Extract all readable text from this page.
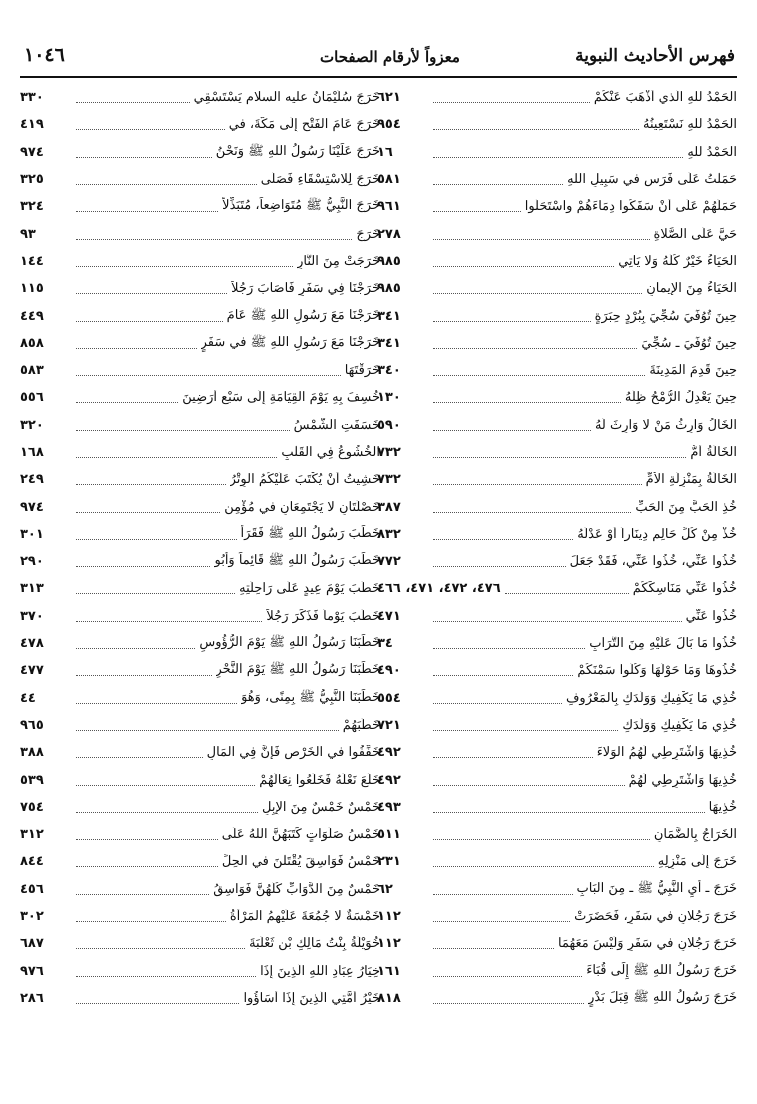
فهرس الأحاديث النبوية
معزواً لأرقام الصفحات
١٠٤٦
الحَمْدُ للهِ الَّذي أَذْهَبَ عَنْكُمْ
٦٢١
الحَمْدُ للهِ نَسْتَعِينُهُ
٩٥٤
الحَمْدُ للهِ
١٦
حَمَلْتُ عَلَى فَرَسٍ في سَبِيلِ اللهِ
٥٨١
حَمَلَهُمْ عَلَى أَنْ سَفَكُوا دِمَاءَهُمْ واسْتَحَلُّوا
٩٦١
حَيَّ عَلَى الصَّلاةِ
٢٧٨
الحَيَاءُ خَيْرٌ كُلُّهُ وَلا يَأْتِي
٩٨٥
الحَيَاءُ مِنَ الإيمانِ
٩٨٥
حِينَ تُوُفِّيَ سُجِّيَ بِبُرْدٍ حِبَرَةٍ
٣٤١
حِينَ تُوُفِّيَ ـ سُجِّيَ
٣٤١
حِينَ قَدِمَ المَدِينَةَ
٣٤٠
حِينَ يَعْدِلُ الرُّمْحُ ظِلَّهُ
١٣٠
الخَالُ وَارِثُ مَنْ لا وَارِثَ لَهُ
٥٩٠
الخَالَةُ أُمٌّ
٧٣٢
الخَالَةُ بِمَنْزِلَةِ الأُمِّ
٧٣٢
خُذِ الحَبَّ مِنَ الحَبِّ
٣٨٧
خُذْ مِنْ كُلِّ حَالِمٍ دِينَاراً أَوْ عَدْلَهُ
٨٣٢
خُذُوا عَنِّي، خُذُوا عَنِّي، فَقَدْ جَعَلَ
٧٧٢
خُذُوا عَنِّي مَنَاسِكَكُمْ
٤٧٦، ٤٧٢، ٤٧١، ٤٦٦
خُذُوا عَنِّي
٤٧١
خُذُوا مَا بَالَ عَلَيْهِ مِنَ التُّرَابِ
٣٤
خُذُوهَا وَمَا حَوْلَهَا وَكُلُوا سَمْنَكُمْ
٤٩٠
خُذِي مَا يَكْفِيكِ وَوَلَدَكِ بِالمَعْرُوفِ
٥٥٤
خُذِي مَا يَكْفِيكِ وَوَلَدَكِ
٧٢١
خُذِيهَا وَاشْتَرِطِي لَهُمُ الوَلاءَ
٤٩٢
خُذِيهَا وَاشْتَرِطِي لَهُمْ
٤٩٢
خُذِيهَا
٤٩٣
الخَرَاجُ بِالضَّمَانِ
٥١١
خَرَجَ إِلَى مَنْزِلِهِ
٢٣١
خَرَجَ ـ أَيِ النَّبِيُّ ﷺ ـ مِنَ البَابِ
٦٢
خَرَجَ رَجُلانِ في سَفَرٍ، فَحَضَرَتْ
١١٢
خَرَجَ رَجُلانِ في سَفَرٍ وَلَيْسَ مَعَهُمَا
١١٢
خَرَجَ رَسُولُ اللهِ ﷺ إِلَى قُبَاءَ
١٦١
خَرَجَ رَسُولُ اللهِ ﷺ قِبَلَ بَدْرٍ
٨١٨
خَرَجَ سُلَيْمَانُ عليه السلام يَسْتَسْقِي
٣٣٠
خَرَجَ عَامَ الفَتْحِ إِلَى مَكَّةَ، في
٤١٩
خَرَجَ عَلَيْنَا رَسُولُ اللهِ ﷺ وَنَحْنُ
٩٧٤
خَرَجَ لِلاسْتِسْقَاءِ فَصَلَّى
٣٢٥
خَرَجَ النَّبِيُّ ﷺ مُتَوَاضِعاً، مُتَبَذِّلاً
٣٢٤
خَرَجَ
٩٣
خَرَجَتْ مِنَ النَّارِ
١٤٤
خَرَجْنَا فِي سَفَرٍ فَأَصَابَ رَجُلاً
١١٥
خَرَجْنَا مَعَ رَسُولِ اللهِ ﷺ عَامَ
٤٤٩
خَرَجْنَا مَعَ رَسُولِ اللهِ ﷺ في سَفَرٍ
٨٥٨
خَرَقْتَهَا
٥٨٣
خُسِفَ بِهِ يَوْمَ القِيَامَةِ إِلَى سَبْعِ أَرَضِينَ
٥٥٦
خَسَفَتِ الشَّمْسُ
٣٢٠
الخُشُوعُ فِي القَلْبِ
١٦٨
خَشِيتُ أَنْ يُكْتَبَ عَلَيْكُمُ الوِتْرُ
٢٤٩
خَصْلَتَانِ لا يَجْتَمِعَانِ في مُؤْمِنٍ
٩٧٤
خَطَبَ رَسُولُ اللهِ ﷺ فَقَرَأَ
٣٠١
خَطَبَ رَسُولُ اللهِ ﷺ قَائِماً وَأَبُو
٢٩٠
خَطَبَ يَوْمَ عِيدٍ عَلَى رَاحِلَتِهِ
٣١٣
خَطَبَ يَوْماً فَذَكَرَ رَجُلاً
٣٧٠
خَطَبَنَا رَسُولُ اللهِ ﷺ يَوْمَ الرُّؤُوسِ
٤٧٨
خَطَبَنَا رَسُولُ اللهِ ﷺ يَوْمَ النَّحْرِ
٤٧٧
خَطَبَنَا النَّبِيُّ ﷺ بِمِنًى، وَهُوَ
٤٤
خَطَبَهُمْ
٩٦٥
خَفِّفُوا في الخَرْصِ فَإِنَّ فِي المَالِ
٣٨٨
خَلَعَ نَعْلَهُ فَخَلَعُوا نِعَالَهُمْ
٥٣٩
خَمْسٌ خَمْسٌ مِنَ الإِبِلِ
٧٥٤
خَمْسُ صَلَوَاتٍ كَتَبَهُنَّ اللهُ عَلَى
٣١٢
خَمْسُ فَوَاسِقَ يُقْتَلْنَ في الحِلِّ
٨٤٤
خَمْسٌ مِنَ الدَّوَابِّ كُلُّهُنَّ فَوَاسِقُ
٤٥٦
خَمْسَةٌ لا جُمُعَةَ عَلَيْهِمُ المَرْأَةُ
٣٠٢
خُوَيْلَةُ بِنْتُ مَالِكِ بْنِ ثَعْلَبَةَ
٦٨٧
خِيَارُ عِبَادِ اللهِ الَّذِينَ إِذَا
٩٧٦
خَيْرُ أُمَّتِي الَّذِينَ إِذَا أَسَاؤُوا
٢٨٦
